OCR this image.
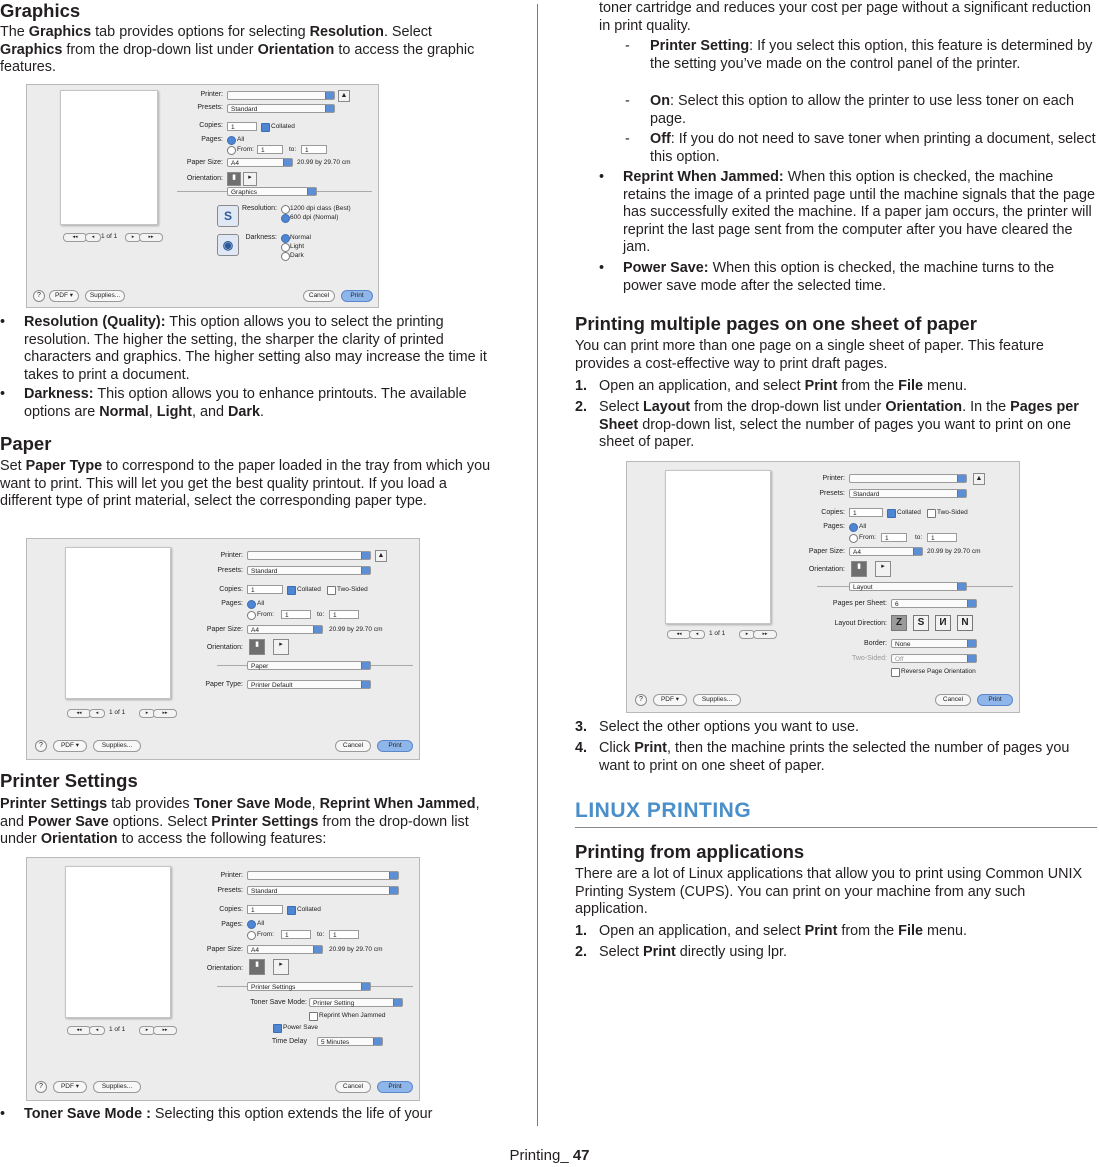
Graphics

The Graphics tab provides options for selecting Resolution. Select Graphics from the drop-down list under Orientation to access the graphic features.

◂◂	◂	1 of 1	▸	▸▸
Printer:	▲
Presets:	Standard
Copies:	1	Collated
Pages: All
From:	1	to:	1
Paper Size:	A4	20.99 by 29.70 cm
Orientation:	▮	▸
Graphics
S
Resolution: 1200 dpi class (Best)
600 dpi (Normal)
◉
Darkness: Normal
Light
Dark
?	PDF ▾	Supplies...	Cancel	Print
• Resolution (Quality): This option allows you to select the printing resolution. The higher the setting, the sharper the clarity of printed characters and graphics. The higher setting also may increase the time it takes to print a document.
• Darkness: This option allows you to enhance printouts. The available options are Normal, Light, and Dark.
Paper

Set Paper Type to correspond to the paper loaded in the tray from which you want to print. This will let you get the best quality printout. If you load a different type of print material, select the corresponding paper type.

◂◂	◂	1 of 1	▸	▸▸
Printer:	▲
Presets:	Standard
Copies:	1	Collated Two-Sided
Pages: All
From:	1	to:	1
Paper Size:	A4	20.99 by 29.70 cm
Orientation:	▮	▸
Paper
Paper Type:	Printer Default
?	PDF ▾	Supplies...	Cancel	Print
Printer Settings

Printer Settings tab provides Toner Save Mode, Reprint When Jammed, and Power Save options. Select Printer Settings from the drop-down list under Orientation to access the following features:

◂◂	◂	1 of 1	▸	▸▸
Printer:
Presets:	Standard
Copies:	1	Collated
Pages: All
From:	1	to:	1
Paper Size:	A4	20.99 by 29.70 cm
Orientation:
▮	▸
Printer Settings
Toner Save Mode: Printer Setting
Reprint When Jammed
Power Save
Time Delay	5 Minutes
?	PDF ▾	Supplies...	Cancel	Print
• Toner Save Mode : Selecting this option extends the life of your

toner cartridge and reduces your cost per page without a significant reduction in print quality.

- Printer Setting: If you select this option, this feature is determined by the setting you’ve made on the control panel of the printer.
- On: Select this option to allow the printer to use less toner on each page.
- Off: If you do not need to save toner when printing a document, select this option.
• Reprint When Jammed: When this option is checked, the machine retains the image of a printed page until the machine signals that the page has successfully exited the machine. If a paper jam occurs, the printer will reprint the last page sent from the computer after you have cleared the jam.
• Power Save: When this option is checked, the machine turns to the power save mode after the selected time.
Printing multiple pages on one sheet of paper

You can print more than one page on a single sheet of paper. This feature provides a cost-effective way to print draft pages.

1. Open an application, and select Print from the File menu.
2. Select Layout from the drop-down list under Orientation. In the Pages per Sheet drop-down list, select the number of pages you want to print on one sheet of paper.
◂◂	◂	1 of 1	▸	▸▸
Printer:	▲
Presets:	Standard
Copies:	1	Collated Two-Sided
Pages: All
From:	1	to:	1
Paper Size:	A4	20.99 by 29.70 cm
Orientation:	▮	▸
Layout
Pages per Sheet:	6
Layout Direction: Z	S	И	N
Border:	None
Two-Sided:	Off
Reverse Page Orientation
?	PDF ▾	Supplies...	Cancel	Print
3. Select the other options you want to use.
4. Click Print, then the machine prints the selected the number of pages you want to print on one sheet of paper.
LINUX PRINTING
Printing from applications

There are a lot of Linux applications that allow you to print using Common UNIX Printing System (CUPS). You can print on your machine from any such application.

1. Open an application, and select Print from the File menu.
2. Select Print directly using lpr.
Printing_ 47
